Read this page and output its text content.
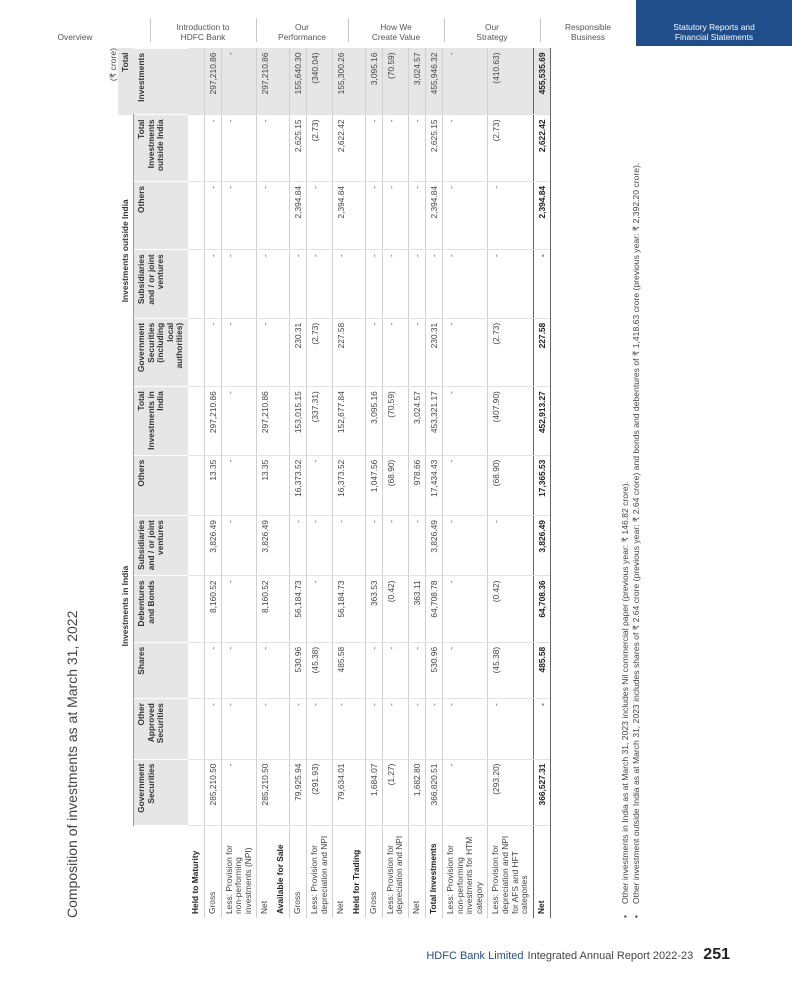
Overview
Introduction to
HDFC Bank
Our
Performance
How We
Create Value
Our
Strategy
Responsible
Business
Statutory Reports and
Financial Statements
Composition of investments as at March 31, 2022
(₹ crore)
	Investments in India							Investments outside India				Total
	Government Securities	Other Approved Securities	Shares	Debentures and Bonds	Subsidiaries and / or joint ventures	Others	Total Investments in India	Government Securities (including local authorities)	Subsidiaries and / or joint ventures	Others	Total Investments outside India	Investments
Held to Maturity												
Gross	285,210.50	-	-	8,160.52	3,826.49	13.35	297,210.86	-	-	-	-	297,210.86
Less: Provision for non-performing investments (NPI)	-	-	-	-	-	-	-	-	-	-	-	-
Net	285,210.50	-	-	8,160.52	3,826.49	13.35	297,210.86	-	-	-	-	297,210.86
Available for Sale												
Gross	79,925.94	-	530.96	56,184.73	-	16,373.52	153,015.15	230.31	-	2,394.84	2,625.15	155,640.30
Less: Provision for depreciation and NPI	(291.93)	-	(45.38)	-	-	-	(337.31)	(2.73)	-	-	(2.73)	(340.04)
Net	79,634.01	-	485.58	56,184.73	-	16,373.52	152,677.84	227.58	-	2,394.84	2,622.42	155,300.26
Held for Trading												
Gross	1,684.07	-	-	363.53	-	1,047.56	3,095.16	-	-	-	-	3,095.16
Less: Provision for depreciation and NPI	(1.27)	-	-	(0.42)	-	(68.90)	(70.59)	-	-	-	-	(70.59)
Net	1,682.80	-	-	363.11	-	978.66	3,024.57	-	-	-	-	3,024.57
Total Investments	366,820.51	-	530.96	64,708.78	3,826.49	17,434.43	453,321.17	230.31	-	2,394.84	2,625.15	455,946.32
Less: Provision for non-performing investments for HTM category	-	-	-	-	-	-	-	-	-	-	-	-
Less: Provision for depreciation and NPI for AFS and HFT categories	(293.20)	-	(45.38)	(0.42)	-	(68.90)	(407.90)	(2.73)	-	-	(2.73)	(410.63)
Net	366,527.31	-	485.58	64,708.36	3,826.49	17,365.53	452,913.27	227.58	-	2,394.84	2,622.42	455,535.69
•
Other investments in India as at March 31, 2023 includes Nil commercial paper (previous year: ₹ 146.82 crore).
•
Other investment outside India as at March 31, 2023 includes shares of ₹ 2.64 crore (previous year: ₹ 2.64 crore) and bonds and debentures of ₹ 1,418.63 crore (previous year: ₹ 2,392.20 crore).
HDFC Bank Limited Integrated Annual Report 2022-23 251
